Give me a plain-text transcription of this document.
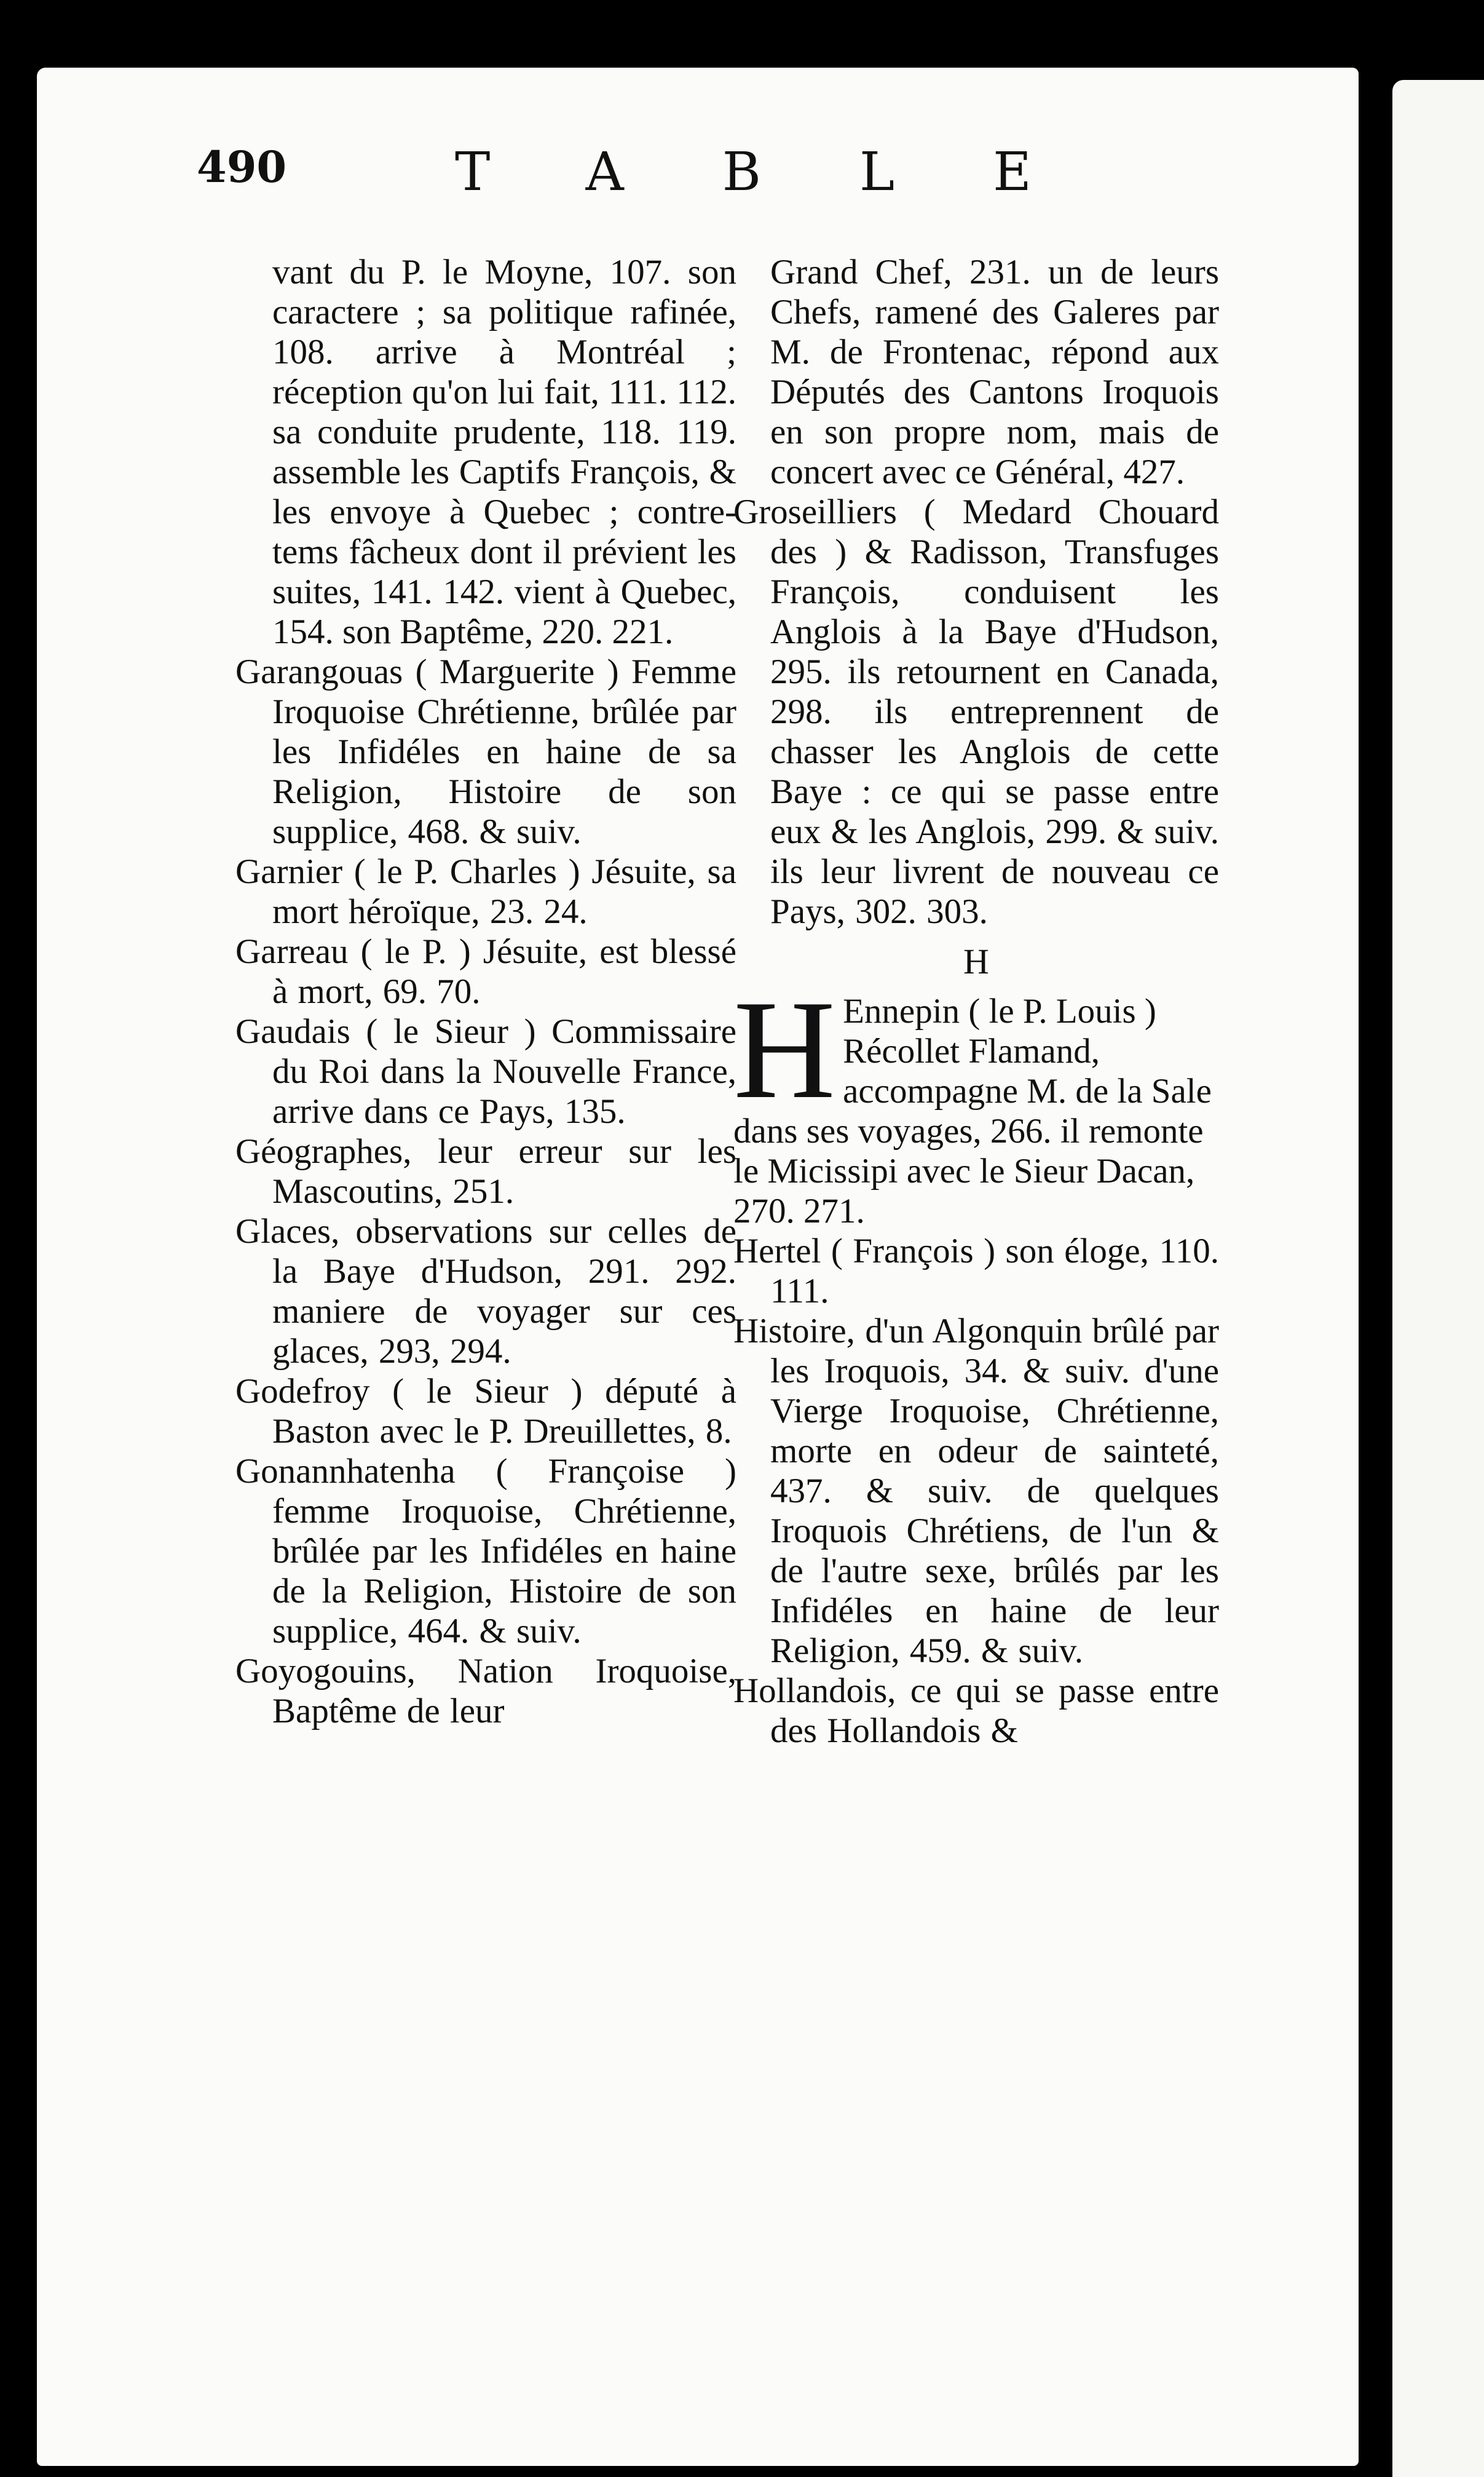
490	TABLE

vant du P. le Moyne, 107. son caractere ; sa politique rafinée, 108. arrive à Montréal ; réception qu'on lui fait, 111. 112. sa conduite prudente, 118. 119. assemble les Captifs François, & les envoye à Quebec ; contre-tems fâcheux dont il prévient les suites, 141. 142. vient à Quebec, 154. son Baptême, 220. 221.

Garangouas ( Marguerite ) Femme Iroquoise Chrétienne, brûlée par les Infidéles en haine de sa Religion, Histoire de son supplice, 468. & suiv.

Garnier ( le P. Charles ) Jésuite, sa mort héroïque, 23. 24.

Garreau ( le P. ) Jésuite, est blessé à mort, 69. 70.

Gaudais ( le Sieur ) Commissaire du Roi dans la Nouvelle France, arrive dans ce Pays, 135.

Géographes, leur erreur sur les Mascoutins, 251.

Glaces, observations sur celles de la Baye d'Hudson, 291. 292. maniere de voyager sur ces glaces, 293, 294.

Godefroy ( le Sieur ) député à Baston avec le P. Dreuillettes, 8.

Gonannhatenha ( Françoise ) femme Iroquoise, Chrétienne, brûlée par les Infidéles en haine de la Religion, Histoire de son supplice, 464. & suiv.

Goyogouins, Nation Iroquoise, Baptême de leur

Grand Chef, 231. un de leurs Chefs, ramené des Galeres par M. de Frontenac, répond aux Députés des Cantons Iroquois en son propre nom, mais de concert avec ce Général, 427.

Groseilliers ( Medard Chouard des ) & Radisson, Transfuges François, conduisent les Anglois à la Baye d'Hudson, 295. ils retournent en Canada, 298. ils entreprennent de chasser les Anglois de cette Baye : ce qui se passe entre eux & les Anglois, 299. & suiv. ils leur livrent de nouveau ce Pays, 302. 303.

H
H Ennepin ( le P. Louis ) Récollet Flamand, accompagne M. de la Sale dans ses voyages, 266. il remonte le Micissipi avec le Sieur Dacan, 270. 271.

Hertel ( François ) son éloge, 110. 111.

Histoire, d'un Algonquin brûlé par les Iroquois, 34. & suiv. d'une Vierge Iroquoise, Chrétienne, morte en odeur de sainteté, 437. & suiv. de quelques Iroquois Chrétiens, de l'un & de l'autre sexe, brûlés par les Infidéles en haine de leur Religion, 459. & suiv.

Hollandois, ce qui se passe entre des Hollandois &
